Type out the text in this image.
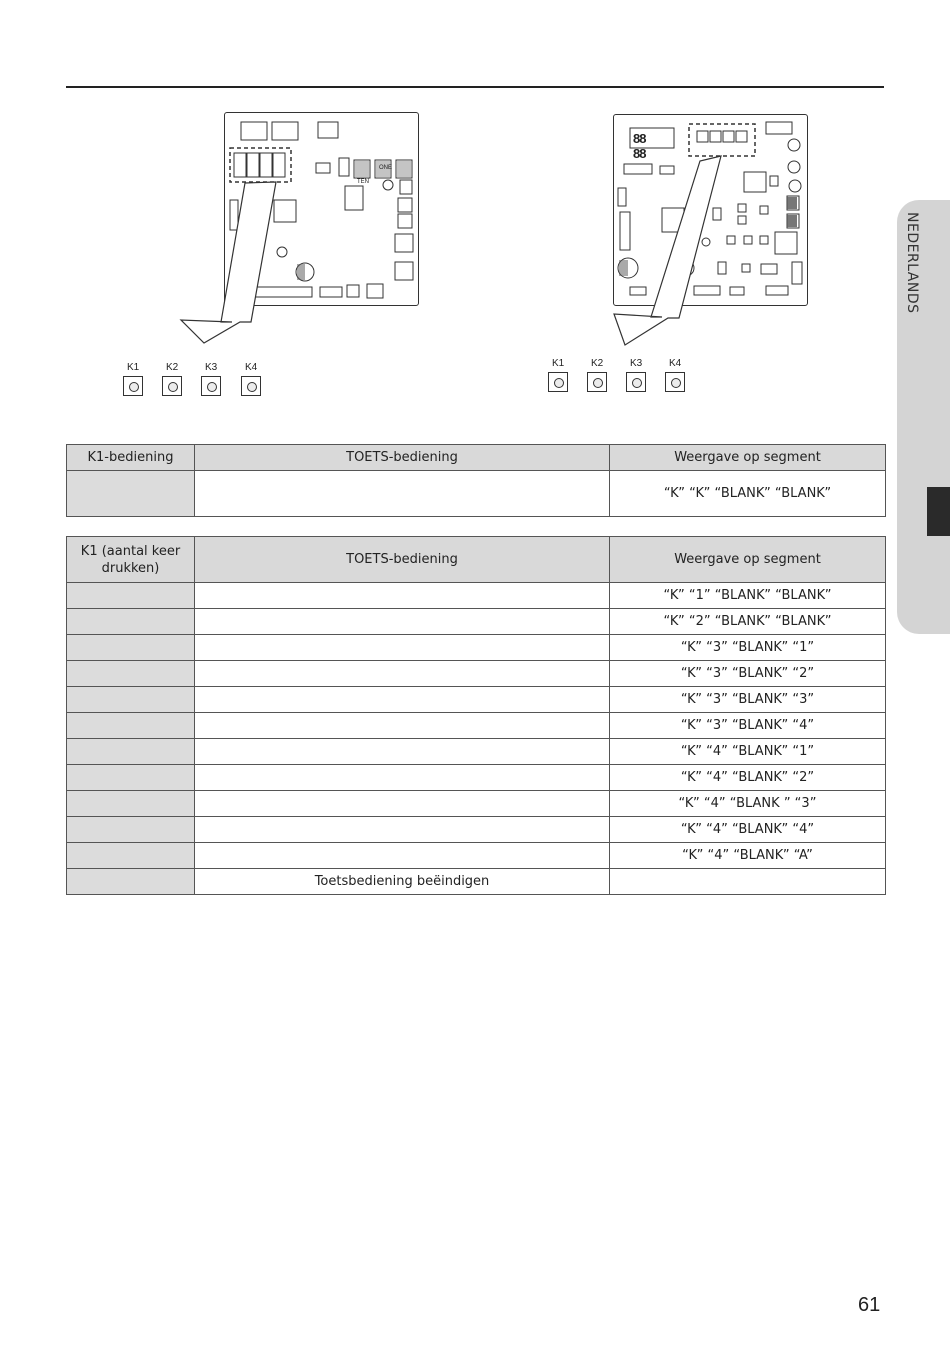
NEDERLANDS
TEN
ONE
K1	K2	K3	K4
88 88
K1	K2	K3	K4
K1-bediening	TOETS-bediening	Weergave op segment
		“K” “K” “BLANK” “BLANK”
K1 (aantal keer drukken)	TOETS-bediening	Weergave op segment
		“K” “1” “BLANK” “BLANK”
		“K” “2” “BLANK” “BLANK”
		“K” “3” “BLANK” “1”
		“K” “3” “BLANK” “2”
		“K” “3” “BLANK” “3”
		“K” “3” “BLANK” “4”
		“K” “4” “BLANK” “1”
		“K” “4” “BLANK” “2”
		“K” “4” “BLANK ” “3”
		“K” “4” “BLANK” “4”
		“K” “4” “BLANK” “A”
	Toetsbediening beëindigen	
61
